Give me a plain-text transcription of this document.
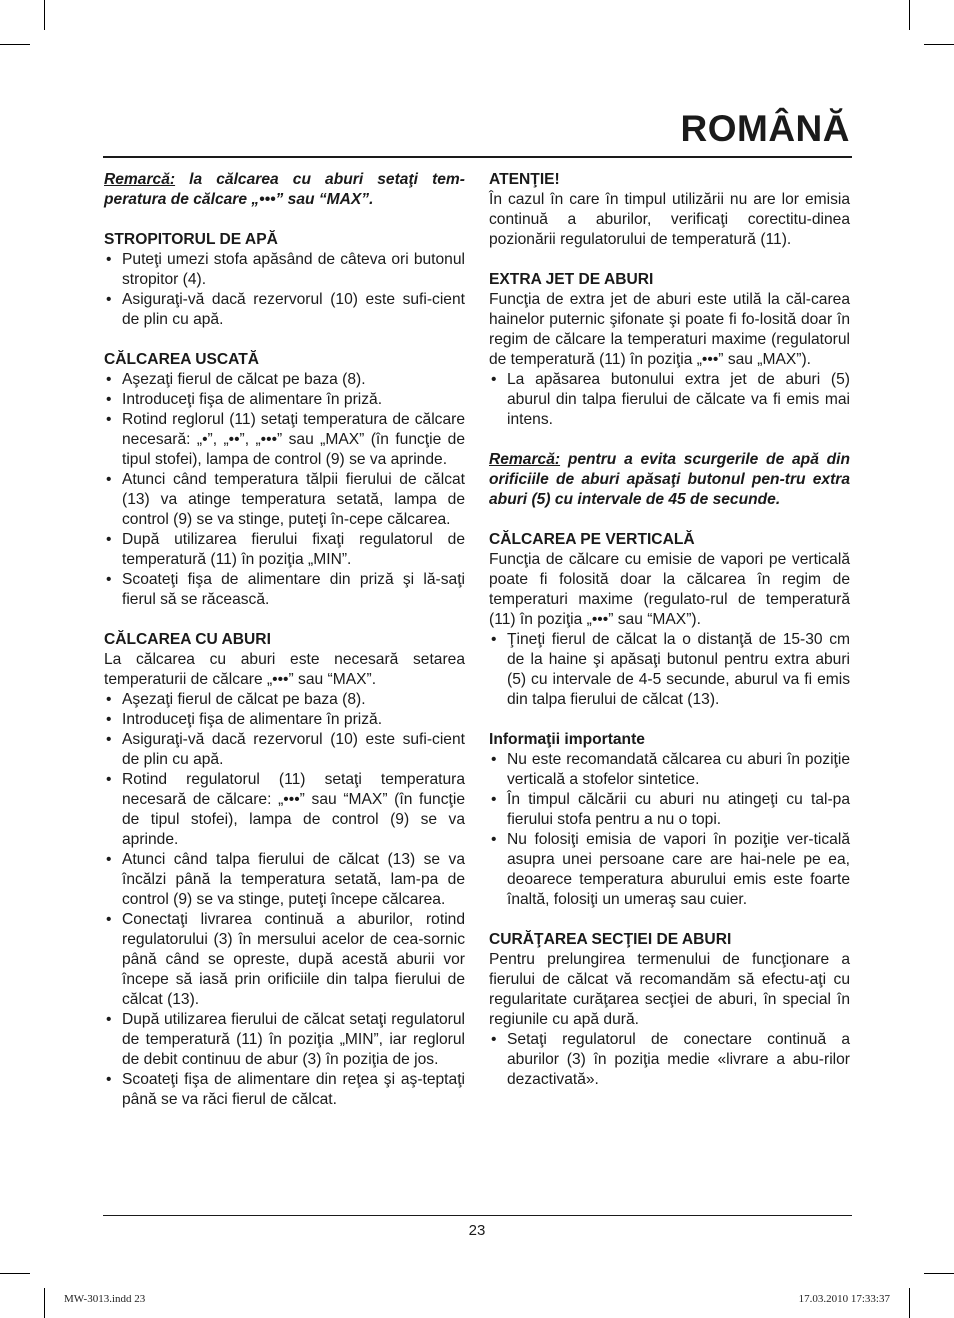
ROMÂNĂ

Remarcă: la călcarea cu aburi setaţi tem-peratura de călcare „•••” sau “MAX”.

STROPITORUL DE APĂ

• Puteţi umezi stofa apăsând de câteva ori butonul stropitor (4).
• Asiguraţi-vă dacă rezervorul (10) este sufi-cient de plin cu apă.

CĂLCAREA USCATĂ

• Aşezaţi fierul de călcat pe baza (8).
• Introduceţi fişa de alimentare în priză.
• Rotind reglorul (11) setaţi temperatura de călcare necesară: „•”, „••”, „•••” sau „MAX” (în funcţie de tipul stofei), lampa de control (9) se va aprinde.
• Atunci când temperatura tălpii fierului de călcat (13) va atinge temperatura setată, lampa de control (9) se va stinge, puteţi în-cepe călcarea.
• După utilizarea fierului fixaţi regulatorul de temperatură (11) în poziţia „MIN”.
• Scoateţi fişa de alimentare din priză şi lă-saţi fierul să se răcească.

CĂLCAREA CU ABURI

La călcarea cu aburi este necesară setarea temperaturii de călcare „•••” sau “MAX”.

• Aşezaţi fierul de călcat pe baza (8).
• Introduceţi fişa de alimentare în priză.
• Asiguraţi-vă dacă rezervorul (10) este sufi-cient de plin cu apă.
• Rotind regulatorul (11) setaţi temperatura necesară de călcare: „•••” sau “MAX” (în funcţie de tipul stofei), lampa de control (9) se va aprinde.
• Atunci când talpa fierului de călcat (13) se va încălzi până la temperatura setată, lam-pa de control (9) se va stinge, puteţi începe călcarea.
• Conectaţi livrarea continuă a aburilor, rotind regulatorului (3) în mersului acelor de cea-sornic până când se opreste, după acestă aburii vor începe să iasă prin orificiile din talpa fierului de călcat (13).
• După utilizarea fierului de călcat setaţi regulatorul de temperatură (11) în poziţia „MIN”, iar reglorul de debit continuu de abur (3) în poziţia de jos.
• Scoateţi fişa de alimentare din reţea şi aş-teptaţi până se va răci fierul de călcat.

ATENŢIE!

În cazul în care în timpul utilizării nu are lor emisia continuă a aburilor, verificaţi corectitu-dinea pozionării regulatorului de temperatură (11).

EXTRA JET DE ABURI

Funcţia de extra jet de aburi este utilă la căl-carea hainelor puternic şifonate şi poate fi fo-losită doar în regim de călcare la temperaturi maxime (regulatorul de temperatură (11) în poziţia „•••” sau „MAX”).

• La apăsarea butonului extra jet de aburi (5) aburul din talpa fierului de călcate va fi emis mai intens.

Remarcă: pentru a evita scurgerile de apă din orificiile de aburi apăsaţi butonul pen-tru extra aburi (5) cu intervale de 45 de secunde.

CĂLCAREA PE VERTICALĂ

Funcţia de călcare cu emisie de vapori pe verticală poate fi folosită doar la călcarea în regim de temperaturi maxime (regulato-rul de temperatură (11) în poziţia „•••” sau “MAX”).

• Ţineţi fierul de călcat la o distanţă de 15-30 cm de la haine şi apăsaţi butonul pentru extra aburi (5) cu intervale de 4-5 secunde, aburul va fi emis din talpa fierului de călcat (13).

Informaţii importante

• Nu este recomandată călcarea cu aburi în poziţie verticală a stofelor sintetice.
• În timpul călcării cu aburi nu atingeţi cu tal-pa fierului stofa pentru a nu o topi.
• Nu folosiţi emisia de vapori în poziţie ver-ticală asupra unei persoane care are hai-nele pe ea, deoarece temperatura aburului emis este foarte înaltă, folosiţi un umeraş sau cuier.

CURĂŢAREA SECŢIEI DE ABURI

Pentru prelungirea termenului de funcţionare a fierului de călcat vă recomandăm să efectu-aţi cu regularitate curăţarea secţiei de aburi, în special în regiunile cu apă dură.

• Setaţi regulatorul de conectare continuă a aburilor (3) în poziţia medie «livrare a abu-rilor dezactivată».
23
MW-3013.indd 23	17.03.2010 17:33:37
